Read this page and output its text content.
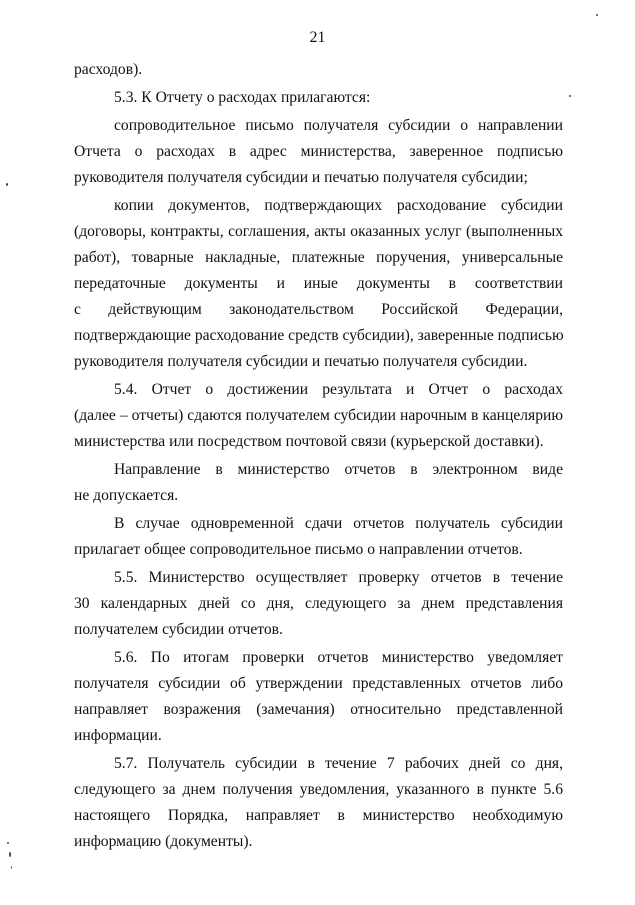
21
расходов).
5.3. К Отчету о расходах прилагаются:
сопроводительное письмо получателя субсидии о направлении
Отчета о расходах в адрес министерства, заверенное подписью
руководителя получателя субсидии и печатью получателя субсидии;
копии документов, подтверждающих расходование субсидии
(договоры, контракты, соглашения, акты оказанных услуг (выполненных
работ), товарные накладные, платежные поручения, универсальные
передаточные документы и иные документы в соответствии
с действующим законодательством Российской Федерации,
подтверждающие расходование средств субсидии), заверенные подписью
руководителя получателя субсидии и печатью получателя субсидии.
5.4. Отчет о достижении результата и Отчет о расходах
(далее – отчеты) сдаются получателем субсидии нарочным в канцелярию
министерства или посредством почтовой связи (курьерской доставки).
Направление в министерство отчетов в электронном виде
не допускается.
В случае одновременной сдачи отчетов получатель субсидии
прилагает общее сопроводительное письмо о направлении отчетов.
5.5. Министерство осуществляет проверку отчетов в течение
30 календарных дней со дня, следующего за днем представления
получателем субсидии отчетов.
5.6. По итогам проверки отчетов министерство уведомляет
получателя субсидии об утверждении представленных отчетов либо
направляет возражения (замечания) относительно представленной
информации.
5.7. Получатель субсидии в течение 7 рабочих дней со дня,
следующего за днем получения уведомления, указанного в пункте 5.6
настоящего Порядка, направляет в министерство необходимую
информацию (документы).
